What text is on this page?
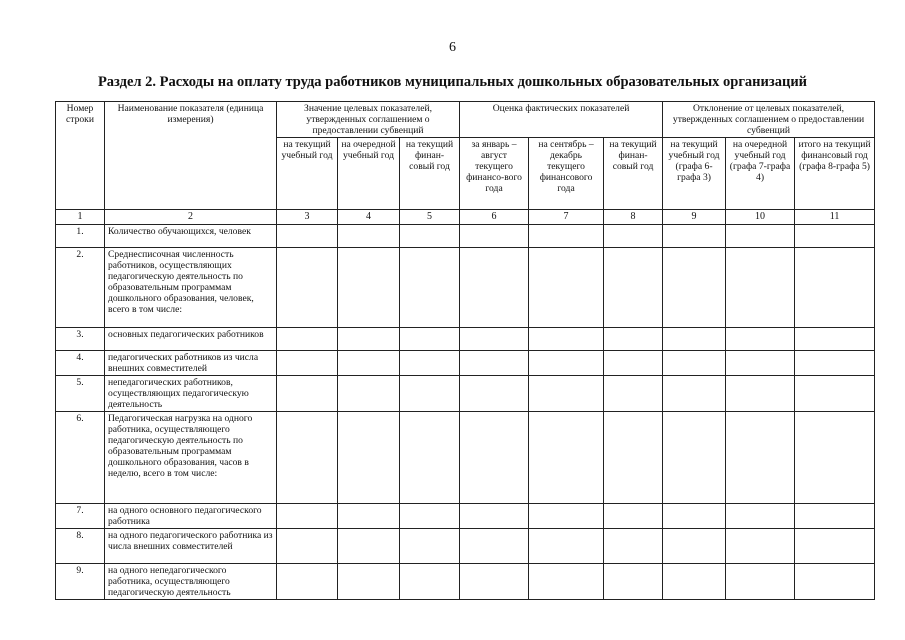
6
Раздел 2. Расходы на оплату труда работников муниципальных дошкольных образовательных организаций
Номер строки	Наименование показателя (единица измерения)	Значение целевых показателей, утвержденных соглашением о предоставлении субвенций			Оценка фактических показателей			Отклонение от целевых показателей, утвержденных соглашением о предоставлении субвенций		
		на текущий учебный год	на очередной учебный год	на текущий финан-совый год	за январь – август текущего финансо-вого года	на сентябрь – декабрь текущего финансового года	на текущий финан-совый год	на текущий учебный год (графа 6-графа 3)	на очередной учебный год (графа 7-графа 4)	итого на текущий финансовый год (графа 8-графа 5)
1	2	3	4	5	6	7	8	9	10	11
1.	Количество обучающихся, человек									
2.	Среднесписочная численность работников, осуществляющих педагогическую деятельность по образовательным программам дошкольного образования, человек, всего в том числе:									
3.	основных педагогических работников									
4.	педагогических работников из числа внешних совместителей									
5.	непедагогических работников, осуществляющих педагогическую деятельность									
6.	Педагогическая нагрузка на одного работника, осуществляющего педагогическую деятельность по образовательным программам дошкольного образования, часов в неделю, всего в том числе:									
7.	на одного основного педагогического работника									
8.	на одного педагогического работника из числа внешних совместителей									
9.	на одного непедагогического работника, осуществляющего педагогическую деятельность									
